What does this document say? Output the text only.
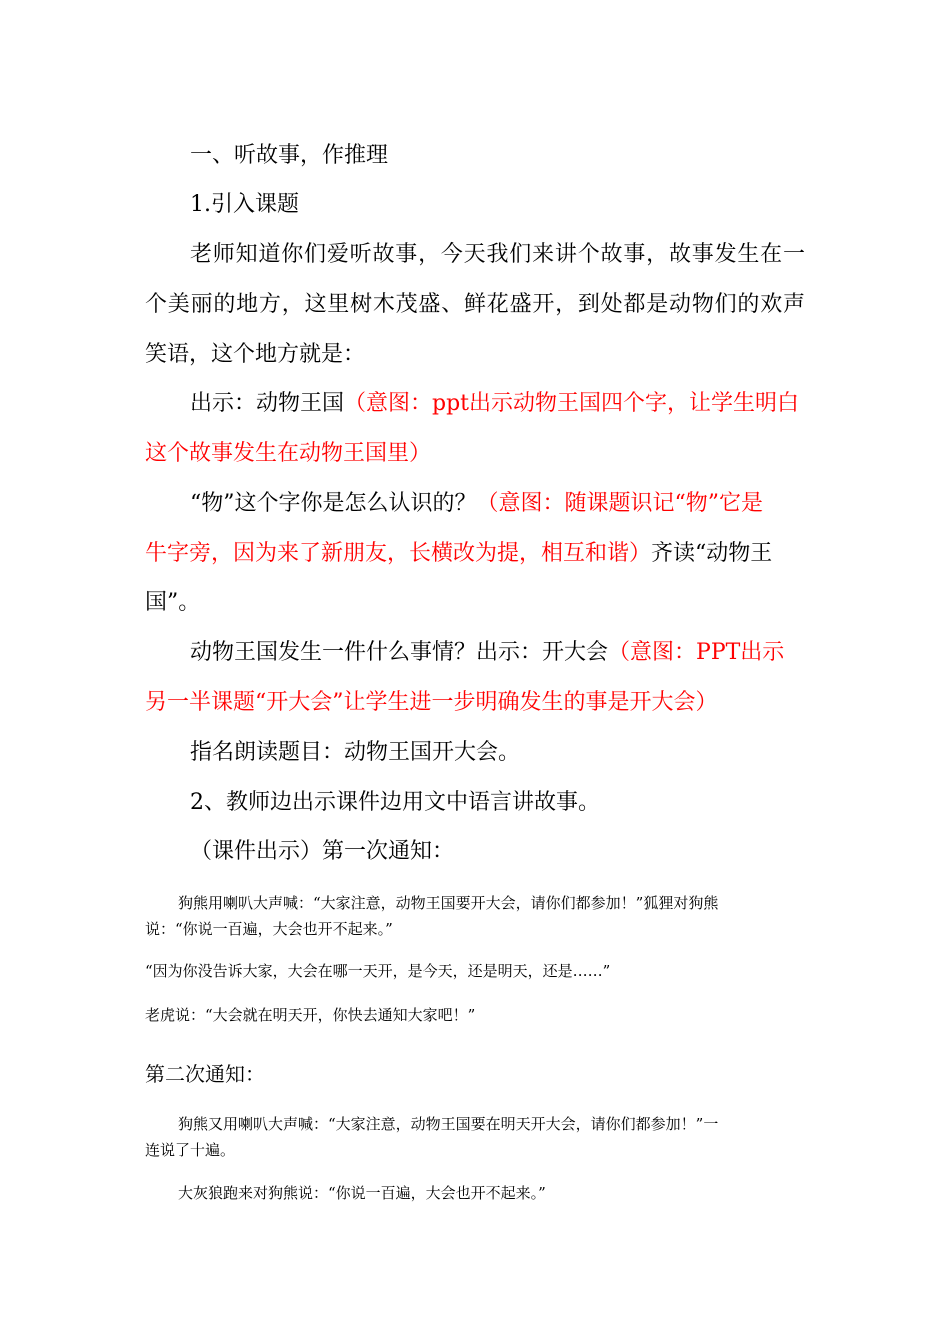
一、听故事，作推理
1.引入课题
老师知道你们爱听故事，今天我们来讲个故事，故事发生在一
个美丽的地方，这里树木茂盛、鲜花盛开，到处都是动物们的欢声
笑语，这个地方就是：
出示：动物王国（意图：ppt出示动物王国四个字，让学生明白
这个故事发生在动物王国里）
“物”这个字你是怎么认识的？（意图：随课题识记“物”它是
牛字旁，因为来了新朋友，长横改为提，相互和谐）齐读“动物王
国”。
动物王国发生一件什么事情？出示：开大会（意图：PPT出示
另一半课题“开大会”让学生进一步明确发生的事是开大会）
指名朗读题目：动物王国开大会。
2、教师边出示课件边用文中语言讲故事。
（课件出示）第一次通知：
狗熊用喇叭大声喊：“大家注意，动物王国要开大会，请你们都参加！”狐狸对狗熊
说：“你说一百遍，大会也开不起来。”
“因为你没告诉大家，大会在哪一天开，是今天，还是明天，还是……”
老虎说：“大会就在明天开，你快去通知大家吧！”
第二次通知：
狗熊又用喇叭大声喊：“大家注意，动物王国要在明天开大会，请你们都参加！”一
连说了十遍。
大灰狼跑来对狗熊说：“你说一百遍，大会也开不起来。”
